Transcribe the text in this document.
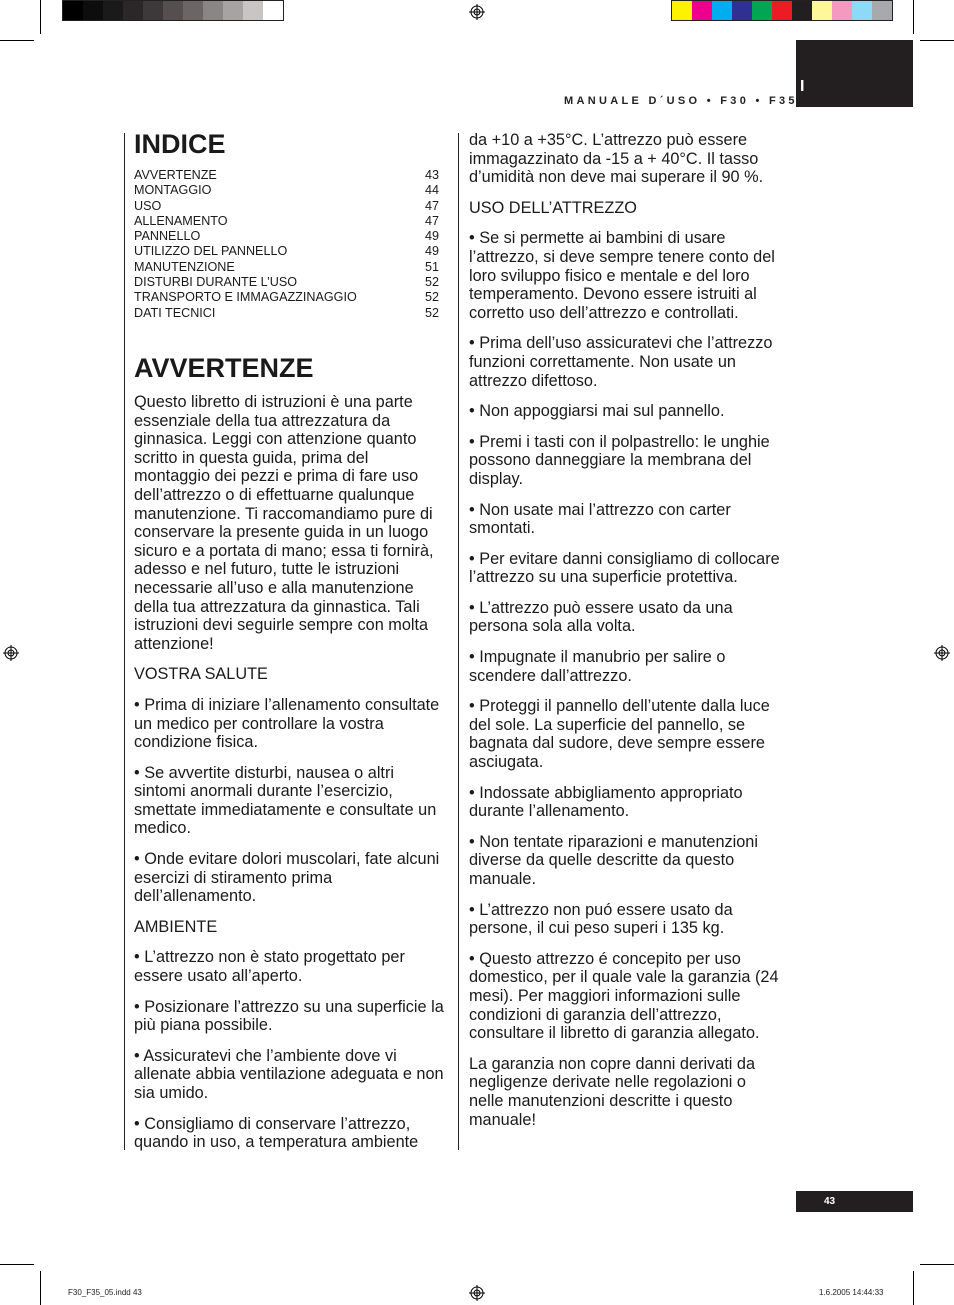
I
MANUALE D´USO • F30 • F35
INDICE
AVVERTENZE	43
MONTAGGIO	44
USO	47
ALLENAMENTO	47
PANNELLO	49
UTILIZZO DEL PANNELLO	49
MANUTENZIONE	51
DISTURBI DURANTE L’USO	52
TRANSPORTO E IMMAGAZZINAGGIO	52
DATI TECNICI	52
AVVERTENZE

Questo libretto di istruzioni è una parte essenziale della tua attrezzatura da ginnasica. Leggi con attenzione quanto scritto in questa guida, prima del montaggio dei pezzi e prima di fare uso dell’attrezzo o di effettuarne qualunque manutenzione. Ti raccomandiamo pure di conservare la presente guida in un luogo sicuro e a portata di mano; essa ti fornirà, adesso e nel futuro, tutte le istruzioni necessarie all’uso e alla manutenzione della tua attrezzatura da ginnastica. Tali istruzioni devi seguirle sempre con molta attenzione!

VOSTRA SALUTE

• Prima di iniziare l’allenamento consultate un medico per controllare la vostra condizione fisica.

• Se avvertite disturbi, nausea o altri sintomi anormali durante l’esercizio, smettate immediatamente e consultate un medico.

• Onde evitare dolori muscolari, fate alcuni esercizi di stiramento prima dell’allenamento.

AMBIENTE

• L’attrezzo non è stato progettato per essere usato all’aperto.

• Posizionare l’attrezzo su una superficie la più piana possibile.

• Assicuratevi che l’ambiente dove vi allenate abbia ventilazione adeguata e non sia umido.

• Consigliamo di conservare l’attrezzo, quando in uso, a temperatura ambiente

da +10 a +35°C. L’attrezzo può essere immagazzinato da -15 a + 40°C. Il tasso d’umidità non deve mai superare il 90 %.

USO DELL’ATTREZZO

• Se si permette ai bambini di usare l’attrezzo, si deve sempre tenere conto del loro sviluppo fisico e mentale e del loro temperamento. Devono essere istruiti al corretto uso dell’attrezzo e controllati.

• Prima dell’uso assicuratevi che l’attrezzo funzioni correttamente. Non usate un attrezzo difettoso.

• Non appoggiarsi mai sul pannello.

• Premi i tasti con il polpastrello: le unghie possono danneggiare la membrana del display.

• Non usate mai l’attrezzo con carter smontati.

• Per evitare danni consigliamo di collocare l’attrezzo su una superficie protettiva.

• L’attrezzo può essere usato da una persona sola alla volta.

• Impugnate il manubrio per salire o scendere dall’attrezzo.

• Proteggi il pannello dell’utente dalla luce del sole. La superficie del pannello, se bagnata dal sudore, deve sempre essere asciugata.

• Indossate abbigliamento appropriato durante l’allenamento.

• Non tentate riparazioni e manutenzioni diverse da quelle descritte da questo manuale.

• L’attrezzo non puó essere usato da persone, il cui peso superi i 135 kg.

• Questo attrezzo é concepito per uso domestico, per il quale vale la garanzia (24 mesi). Per maggiori informazioni sulle condizioni di garanzia dell’attrezzo, consultare il libretto di garanzia allegato.

La garanzia non copre danni derivati da negligenze derivate nelle regolazioni o nelle manutenzioni descritte i questo manuale!

43
F30_F35_05.indd 43	1.6.2005 14:44:33
